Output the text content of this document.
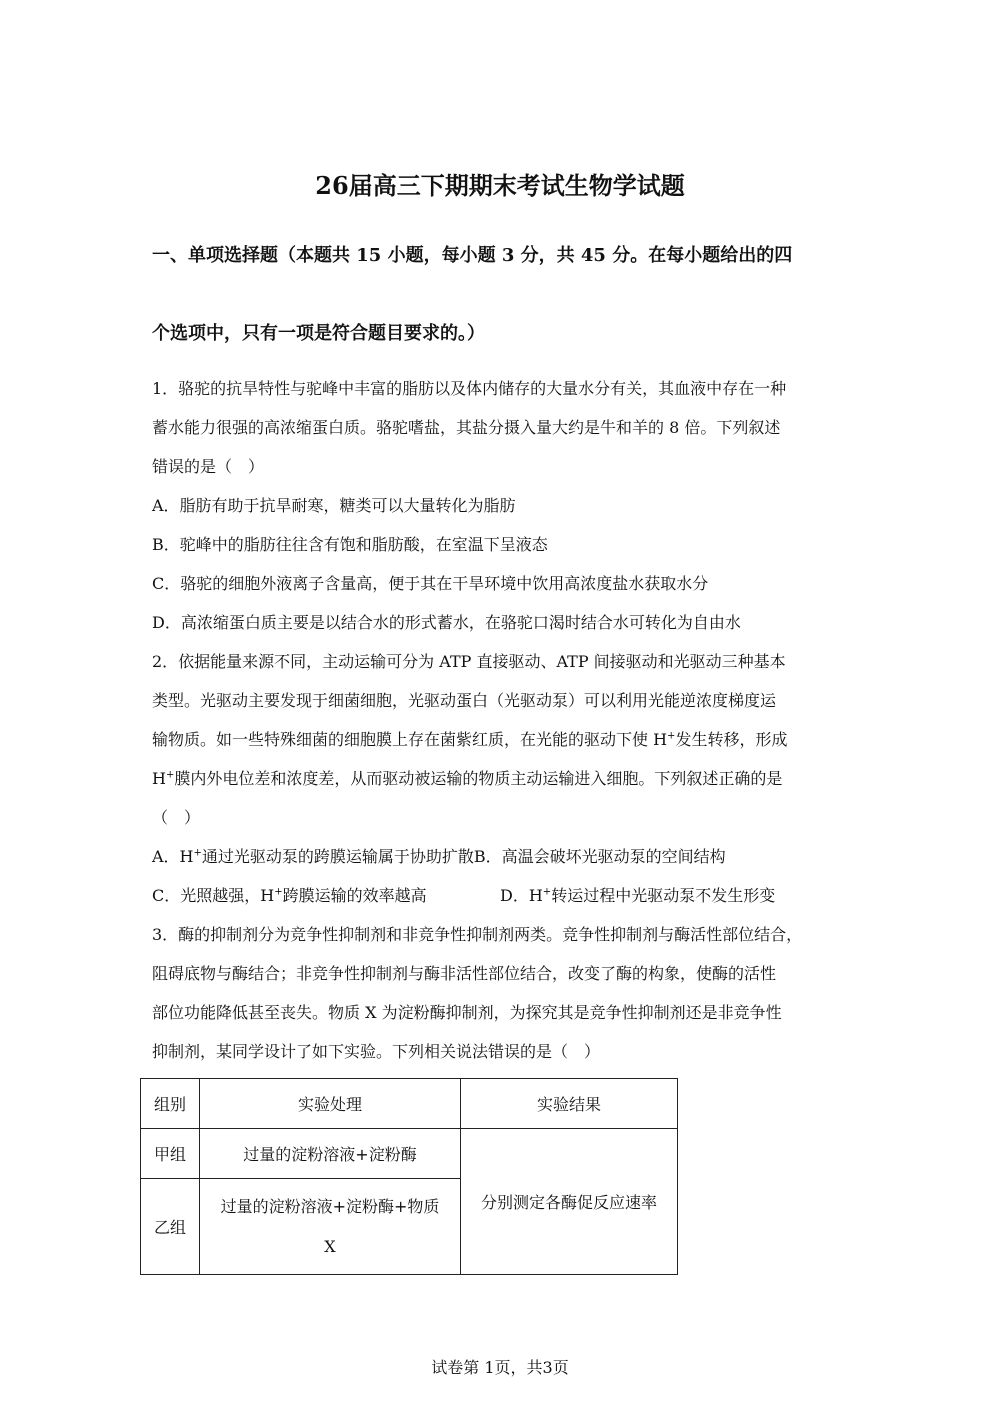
26届高三下期期末考试生物学试题
一、单项选择题（本题共 15 小题，每小题 3 分，共 45 分。在每小题给出的四
个选项中，只有一项是符合题目要求的。）
1．骆驼的抗旱特性与驼峰中丰富的脂肪以及体内储存的大量水分有关，其血液中存在一种
蓄水能力很强的高浓缩蛋白质。骆驼嗜盐，其盐分摄入量大约是牛和羊的 8 倍。下列叙述
错误的是（　）
A．脂肪有助于抗旱耐寒，糖类可以大量转化为脂肪
B．驼峰中的脂肪往往含有饱和脂肪酸，在室温下呈液态
C．骆驼的细胞外液离子含量高，便于其在干旱环境中饮用高浓度盐水获取水分
D．高浓缩蛋白质主要是以结合水的形式蓄水，在骆驼口渴时结合水可转化为自由水
2．依据能量来源不同，主动运输可分为 ATP 直接驱动、ATP 间接驱动和光驱动三种基本
类型。光驱动主要发现于细菌细胞，光驱动蛋白（光驱动泵）可以利用光能逆浓度梯度运
输物质。如一些特殊细菌的细胞膜上存在菌紫红质，在光能的驱动下使 H+发生转移，形成
H+膜内外电位差和浓度差，从而驱动被运输的物质主动运输进入细胞。下列叙述正确的是
（　）
A．H+通过光驱动泵的跨膜运输属于协助扩散B．高温会破坏光驱动泵的空间结构
C．光照越强，H+跨膜运输的效率越高	D．H+转运过程中光驱动泵不发生形变
3．酶的抑制剂分为竞争性抑制剂和非竞争性抑制剂两类。竞争性抑制剂与酶活性部位结合，
阻碍底物与酶结合；非竞争性抑制剂与酶非活性部位结合，改变了酶的构象，使酶的活性
部位功能降低甚至丧失。物质 X 为淀粉酶抑制剂，为探究其是竞争性抑制剂还是非竞争性
抑制剂，某同学设计了如下实验。下列相关说法错误的是（　）
组别	实验处理	实验结果
甲组	过量的淀粉溶液+淀粉酶	分别测定各酶促反应速率
乙组	过量的淀粉溶液+淀粉酶+物质
X	
试卷第 1页，共3页
